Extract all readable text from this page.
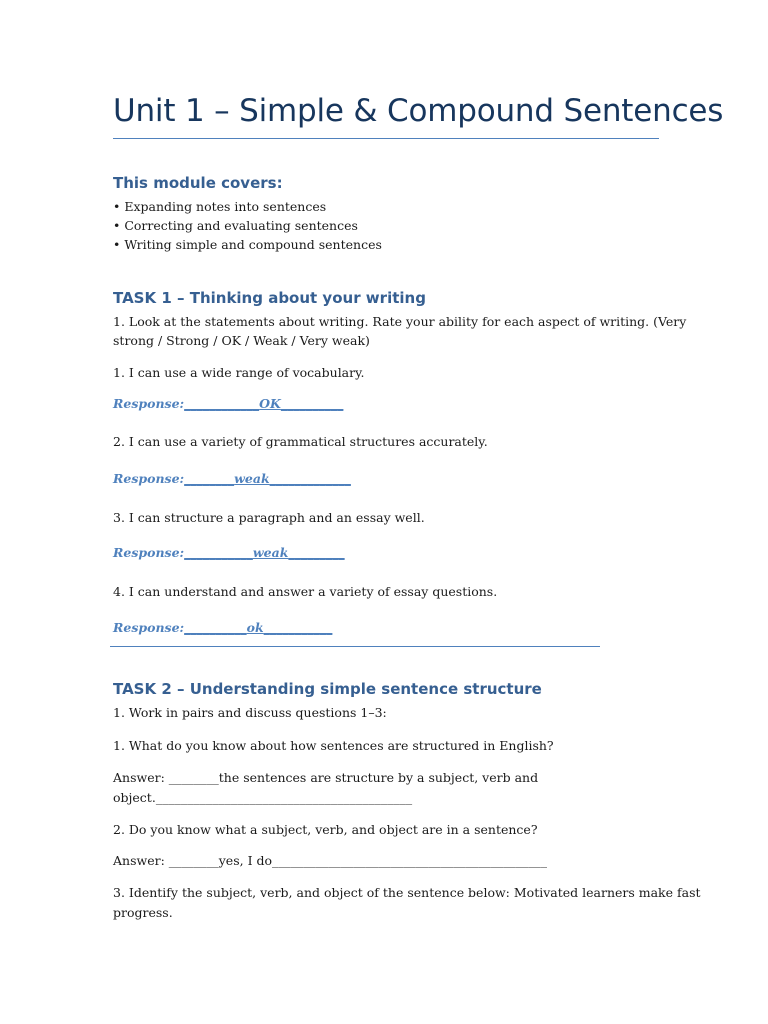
Unit 1 – Simple & Compound Sentences
This module covers:

• Expanding notes into sentences

• Correcting and evaluating sentences

• Writing simple and compound sentences

TASK 1 – Thinking about your writing

1. Look at the statements about writing. Rate your ability for each aspect of writing. (Very

strong / Strong / OK / Weak / Very weak)

1. I can use a wide range of vocabulary.

Response:____________OK__________

2. I can use a variety of grammatical structures accurately.

Response:________weak_____________

3. I can structure a paragraph and an essay well.

Response:___________weak_________

4. I can understand and answer a variety of essay questions.

Response:__________ok___________
TASK 2 – Understanding simple sentence structure

1. Work in pairs and discuss questions 1–3:

1. What do you know about how sentences are structured in English?

Answer: ________the sentences are structure by a subject, verb and

object._________________________________________

2. Do you know what a subject, verb, and object are in a sentence?

Answer: ________yes, I do____________________________________________

3. Identify the subject, verb, and object of the sentence below: Motivated learners make fast

progress.
